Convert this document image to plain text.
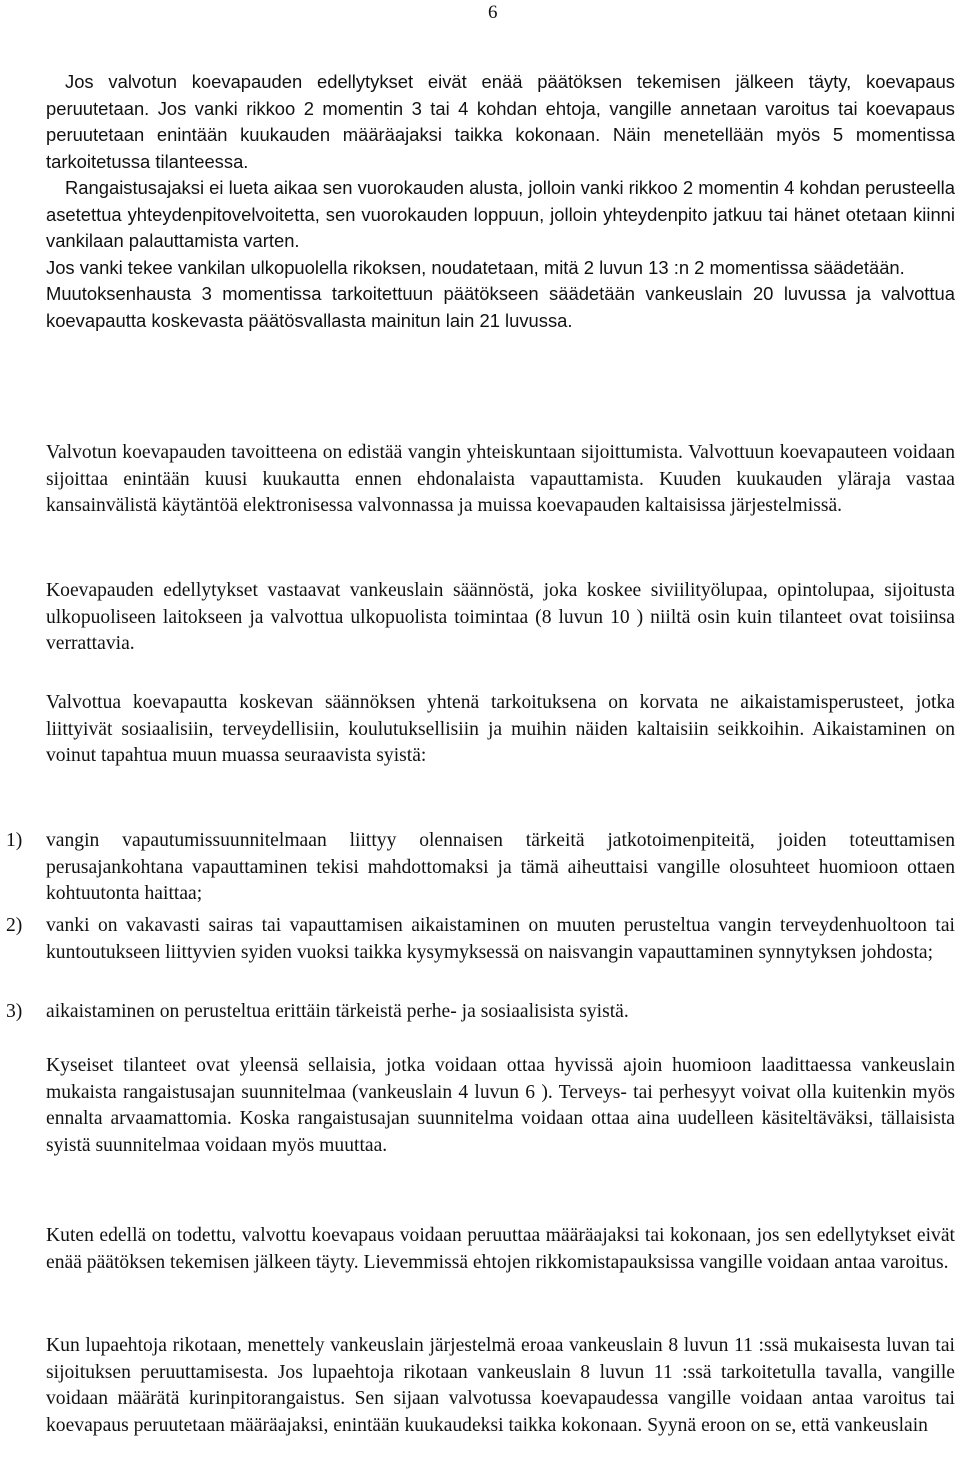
6

Jos valvotun koevapauden edellytykset eivät enää päätöksen tekemisen jälkeen täyty, koevapaus peruutetaan. Jos vanki rikkoo 2 momentin 3 tai 4 kohdan ehtoja, vangille annetaan varoitus tai koevapaus peruutetaan enintään kuukauden määräajaksi taikka kokonaan. Näin menetellään myös 5 momentissa tarkoitetussa tilanteessa.

Rangaistusajaksi ei lueta aikaa sen vuorokauden alusta, jolloin vanki rikkoo 2 momentin 4 kohdan perusteella asetettua yhteydenpitovelvoitetta, sen vuorokauden loppuun, jolloin yhteydenpito jatkuu tai hänet otetaan kiinni vankilaan palauttamista varten.

Jos vanki tekee vankilan ulkopuolella rikoksen, noudatetaan, mitä 2 luvun 13 :n 2 momentissa säädetään.

Muutoksenhausta 3 momentissa tarkoitettuun päätökseen säädetään vankeuslain 20 luvussa ja valvottua koevapautta koskevasta päätösvallasta mainitun lain 21 luvussa.

Valvotun koevapauden tavoitteena on edistää vangin yhteiskuntaan sijoittumista. Valvottuun koevapauteen voidaan sijoittaa enintään kuusi kuukautta ennen ehdonalaista vapauttamista. Kuuden kuukauden yläraja vastaa kansainvälistä käytäntöä elektronisessa valvonnassa ja muissa koevapauden kaltaisissa järjestelmissä.

Koevapauden edellytykset vastaavat vankeuslain säännöstä, joka koskee siviilityölupaa, opintolupaa, sijoitusta ulkopuoliseen laitokseen ja valvottua ulkopuolista toimintaa (8 luvun 10 ) niiltä osin kuin tilanteet ovat toisiinsa verrattavia.

Valvottua koevapautta koskevan säännöksen yhtenä tarkoituksena on korvata ne aikaistamisperusteet, jotka liittyivät sosiaalisiin, terveydellisiin, koulutuksellisiin ja muihin näiden kaltaisiin seikkoihin. Aikaistaminen on voinut tapahtua muun muassa seuraavista syistä:

1) vangin vapautumissuunnitelmaan liittyy olennaisen tärkeitä jatkotoimenpiteitä, joiden toteuttamisen perusajankohtana vapauttaminen tekisi mahdottomaksi ja tämä aiheuttaisi vangille olosuhteet huomioon ottaen kohtuutonta haittaa;

2) vanki on vakavasti sairas tai vapauttamisen aikaistaminen on muuten perusteltua vangin terveydenhuoltoon tai kuntoutukseen liittyvien syiden vuoksi taikka kysymyksessä on naisvangin vapauttaminen synnytyksen johdosta;

3) aikaistaminen on perusteltua erittäin tärkeistä perhe- ja sosiaalisista syistä.

Kyseiset tilanteet ovat yleensä sellaisia, jotka voidaan ottaa hyvissä ajoin huomioon laadittaessa vankeuslain mukaista rangaistusajan suunnitelmaa (vankeuslain 4 luvun 6 ). Terveys- tai perhesyyt voivat olla kuitenkin myös ennalta arvaamattomia. Koska rangaistusajan suunnitelma voidaan ottaa aina uudelleen käsiteltäväksi, tällaisista syistä suunnitelmaa voidaan myös muuttaa.

Kuten edellä on todettu, valvottu koevapaus voidaan peruuttaa määräajaksi tai kokonaan, jos sen edellytykset eivät enää päätöksen tekemisen jälkeen täyty. Lievemmissä ehtojen rikkomistapauksissa vangille voidaan antaa varoitus.

Kun lupaehtoja rikotaan, menettely vankeuslain järjestelmä eroaa vankeuslain 8 luvun 11 :ssä mukaisesta luvan tai sijoituksen peruuttamisesta. Jos lupaehtoja rikotaan vankeuslain 8 luvun 11 :ssä tarkoitetulla tavalla, vangille voidaan määrätä kurinpitorangaistus. Sen sijaan valvotussa koevapaudessa vangille voidaan antaa varoitus tai koevapaus peruutetaan määräajaksi, enintään kuukaudeksi taikka kokonaan. Syynä eroon on se, että vankeuslain
